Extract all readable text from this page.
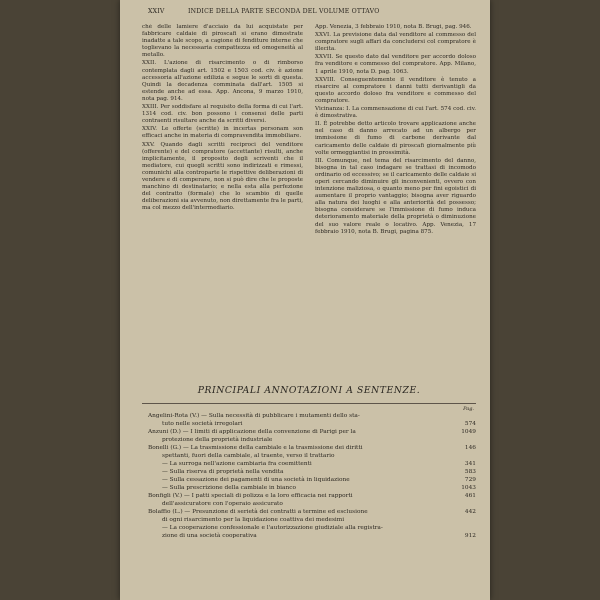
XXIV	INDICE DELLA PARTE SECONDA DEL VOLUME OTTAVO

ché delle lamiere d'acciaio da lui acquistate per fabbricare caldaie di piroscafi si erano dimostrate inadatte a tale scopo, a cagione di fenditure interne che toglievano la necessaria compattezza ed omogeneità al metallo.

XXII. L'azione di risarcimento o di rimborso contemplata dagli art. 1502 e 1503 cod. civ. è azione accessoria all'azione edilizia e segue le sorti di questa. Quindi la decadenza comminata dall'art. 1505 si estende anche ad essa. App. Ancona, 9 marzo 1910, nota pag. 914.

XXIII. Per soddisfare al requisito della forma di cui l'art. 1314 cod. civ. bon possono i consensi delle parti contraenti risultare anche da scritti diversi.

XXIV. Le offerte (scritte) in incertas personam son efficaci anche in materia di compravendita immobiliare.

XXV. Quando dagli scritti reciproci del venditore (offerente) e del compratore (accettante) risulti, anche implicitamente, il proposito degli scriventi che il mediatore, cui quegli scritti sono indirizzati e rimessi, comunichi alla controparte le rispettive deliberazioni di vendere e di comperare, non si può dire che le proposte manchino di destinatario; e nella esta alla perfezione del contratto (formale) che lo scambio di quelle deliberazioni sia avvenuto, non direttamente fra le parti, ma col mezzo dell'intermediario.

App. Venezia, 3 febbraio 1910, nota B. Brugi, pag. 946.

XXVI. La previsione data dal venditore al commesso del compratore sugli affari da concludersi col compratore è illecita.

XXVII. Se questo dato dal venditore per accordo doloso fra venditore e commesso del compratore. App. Milano, 1 aprile 1910, nota D. pag. 1063.

XXVIII. Conseguentemente il venditore è tenuto a risarcire al compratore i danni tutti derivantigli da questo accordo doloso fra venditore e commesso del compratore.

Vicinanza: I. La commensazione di cui l'art. 574 cod. civ. è dimostrativa.

II. È potrebbe detto articolo trovare applicazione anche nel caso di danno arrecato ad un albergo per immissione di fumo di carbone derivante dal caricamento delle caldaie di piroscafi giornalmente più volte ormeggiantisi in prossimità.

III. Comunque, nel tema del risarcimento del danno, bisogna in tal caso indagare se trattasi di incomodo ordinario od eccessivo; se il caricamento delle caldaie si operi cercando diminuire gli inconvenienti, ovvero con intenzione maliziosa, o quanto meno per fini egoistici di aumentare il proprio vantaggio; bisogna aver riguardo alla natura dei luoghi e alla anteriorità del possesso; bisogna considerare se l'immissione di fumo induca deterioramento materiale della proprietà o diminuzione del suo valore reale o locativo. App. Venezia, 17 febbraio 1910, nota B. Brugi, pagina 875.

PRINCIPALI ANNOTAZIONI A SENTENZE.
Pag.
Angelini-Rota (V.) — Sulla necessità di pubblicare i mutamenti dello sta-
tuto nelle società irregolari	574
Anzuni (D.) — I limiti di applicazione della convenzione di Parigi per la	1049
protezione della proprietà industriale
Bonelli (G.) — La trasmissione della cambiale e la trasmissione dei diritti	146
spettanti, fuori della cambiale, al traente, verso il trattario
— La surroga nell'azione cambiaria fra coemittenti	341
— Sulla riserva di proprietà nella vendita	583
— Sulla cessazione dei pagamenti di una società in liquidazione	729
— Sulla prescrizione della cambiale in bianco	1043
Bonfigli (V.) — I patti speciali di polizza e la loro efficacia nei rapporti	461
dell'assicuratore con l'operaio assicurato
Bolaffio (L.) — Presunzione di serietà dei contratti a termine ed esclusione	442
di ogni risarcimento per la liquidazione coattiva dei medesimi
— La cooperazione confessionale e l'autorizzazione giudiziale alla registra-
zione di una società cooperativa	912
